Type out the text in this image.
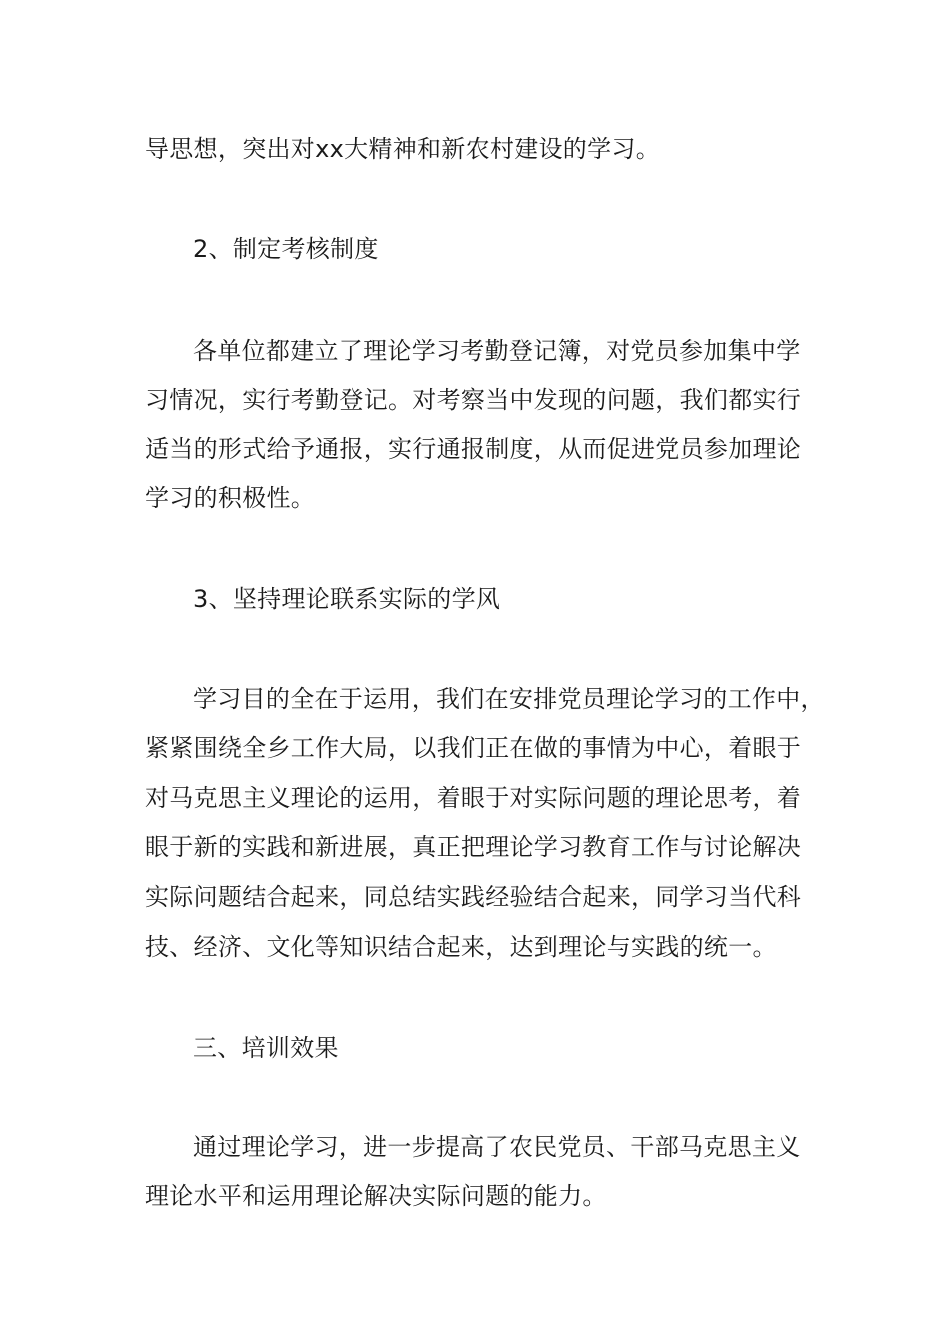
导思想，突出对xx大精神和新农村建设的学习。
2、制定考核制度
各单位都建立了理论学习考勤登记簿，对党员参加集中学
习情况，实行考勤登记。对考察当中发现的问题，我们都实行
适当的形式给予通报，实行通报制度，从而促进党员参加理论
学习的积极性。
3、坚持理论联系实际的学风
学习目的全在于运用，我们在安排党员理论学习的工作中，
紧紧围绕全乡工作大局，以我们正在做的事情为中心，着眼于
对马克思主义理论的运用，着眼于对实际问题的理论思考，着
眼于新的实践和新进展，真正把理论学习教育工作与讨论解决
实际问题结合起来，同总结实践经验结合起来，同学习当代科
技、经济、文化等知识结合起来，达到理论与实践的统一。
三、培训效果
通过理论学习，进一步提高了农民党员、干部马克思主义
理论水平和运用理论解决实际问题的能力。
